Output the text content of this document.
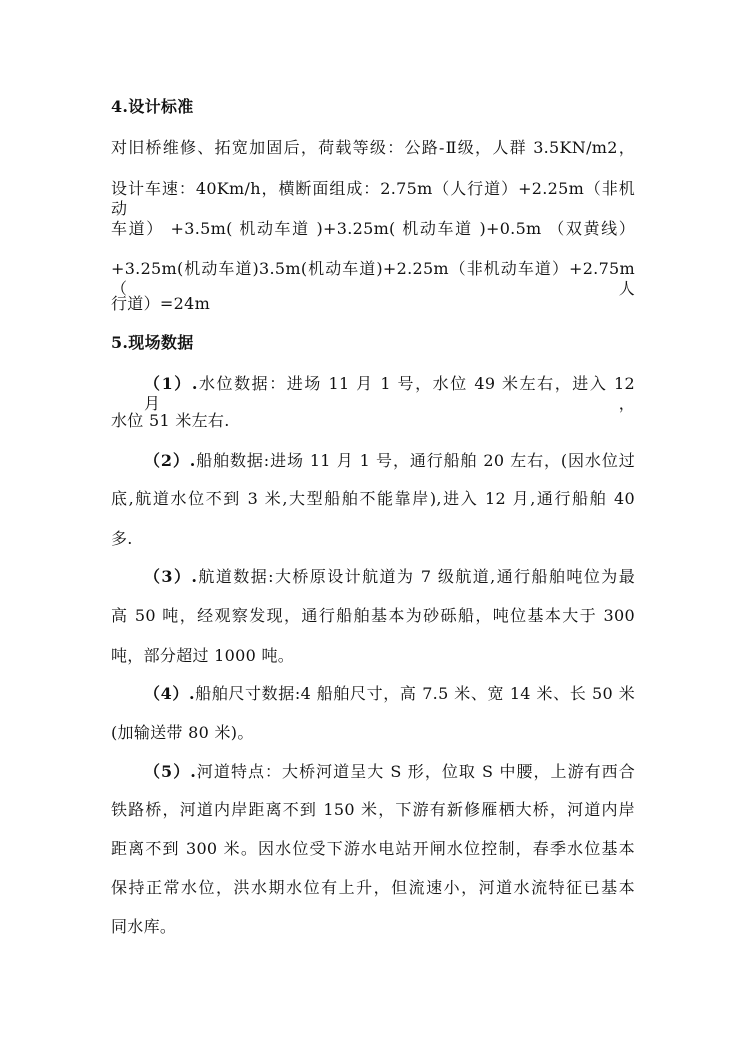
4.设计标准
对旧桥维修、拓宽加固后，荷载等级：公路-Ⅱ级，人群 3.5KN/m2，
设计车速：40Km/h，横断面组成：2.75m（人行道）+2.25m（非机动
车道） +3.5m( 机动车道 )+3.25m( 机动车道 )+0.5m （双黄线）
+3.25m(机动车道)3.5m(机动车道)+2.25m（非机动车道）+2.75m（人
行道）=24m
5.现场数据
（1）.水位数据：进场 11 月 1 号，水位 49 米左右，进入 12 月，
水位 51 米左右.
（2）.船舶数据:进场 11 月 1 号，通行船舶 20 左右，(因水位过
底,航道水位不到 3 米,大型船舶不能靠岸),进入 12 月,通行船舶 40
多.
（3）.航道数据:大桥原设计航道为 7 级航道,通行船舶吨位为最
高 50 吨，经观察发现，通行船舶基本为砂砾船，吨位基本大于 300
吨，部分超过 1000 吨。
（4）.船舶尺寸数据:4 船舶尺寸，高 7.5 米、宽 14 米、长 50 米
(加输送带 80 米)。
（5）.河道特点：大桥河道呈大 S 形，位取 S 中腰，上游有西合
铁路桥，河道内岸距离不到 150 米，下游有新修雁栖大桥，河道内岸
距离不到 300 米。因水位受下游水电站开闸水位控制，春季水位基本
保持正常水位，洪水期水位有上升，但流速小，河道水流特征已基本
同水库。
